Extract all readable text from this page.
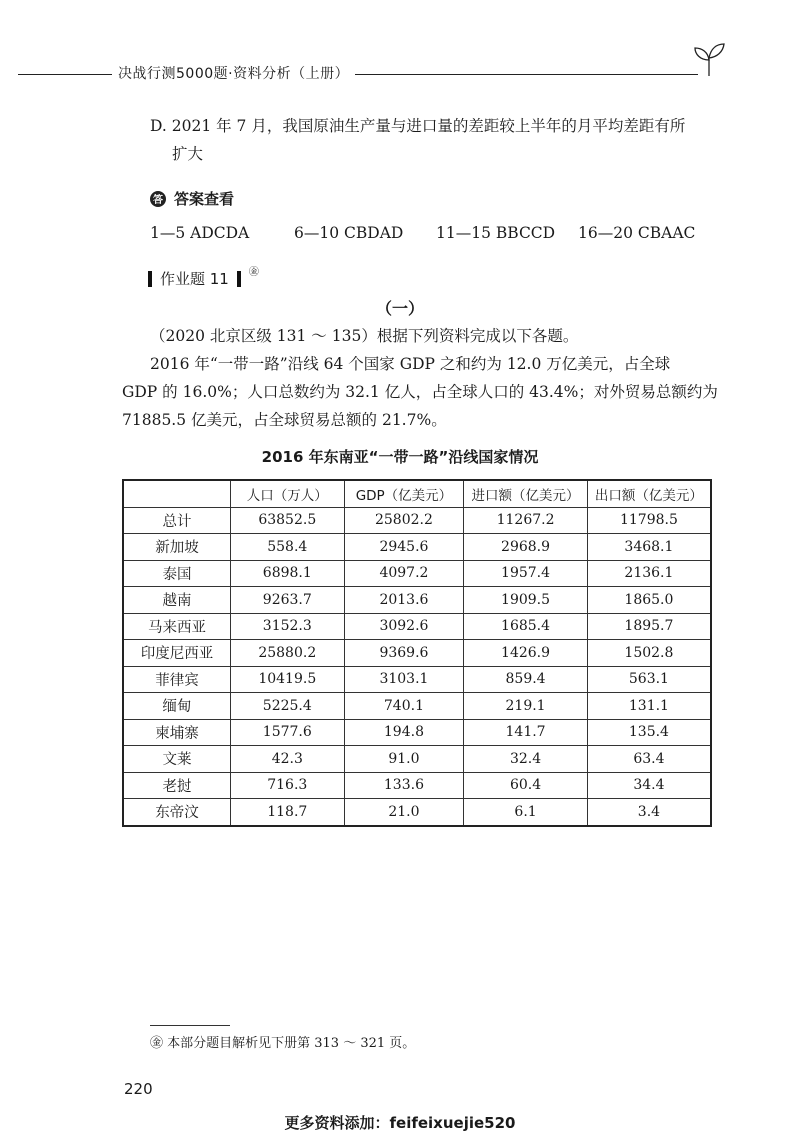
决战行测5000题·资料分析（上册）
D. 2021 年 7 月，我国原油生产量与进口量的差距较上半年的月平均差距有所
扩大
答 答案查看
1—5 ADCDA	6—10 CBDAD	11—15 BBCCD	16—20 CBAAC
作业题 11 ㊎
（一）
（2020 北京区级 131 ～ 135）根据下列资料完成以下各题。
2016 年“一带一路”沿线 64 个国家 GDP 之和约为 12.0 万亿美元，占全球
GDP 的 16.0%；人口总数约为 32.1 亿人，占全球人口的 43.4%；对外贸易总额约为
71885.5 亿美元，占全球贸易总额的 21.7%。
2016 年东南亚“一带一路”沿线国家情况
	人口（万人）	GDP（亿美元）	进口额（亿美元）	出口额（亿美元）
总计	63852.5	25802.2	11267.2	11798.5
新加坡	558.4	2945.6	2968.9	3468.1
泰国	6898.1	4097.2	1957.4	2136.1
越南	9263.7	2013.6	1909.5	1865.0
马来西亚	3152.3	3092.6	1685.4	1895.7
印度尼西亚	25880.2	9369.6	1426.9	1502.8
菲律宾	10419.5	3103.1	859.4	563.1
缅甸	5225.4	740.1	219.1	131.1
柬埔寨	1577.6	194.8	141.7	135.4
文莱	42.3	91.0	32.4	63.4
老挝	716.3	133.6	60.4	34.4
东帝汶	118.7	21.0	6.1	3.4
㊎ 本部分题目解析见下册第 313 ～ 321 页。
220
更多资料添加：feifeixuejie520
